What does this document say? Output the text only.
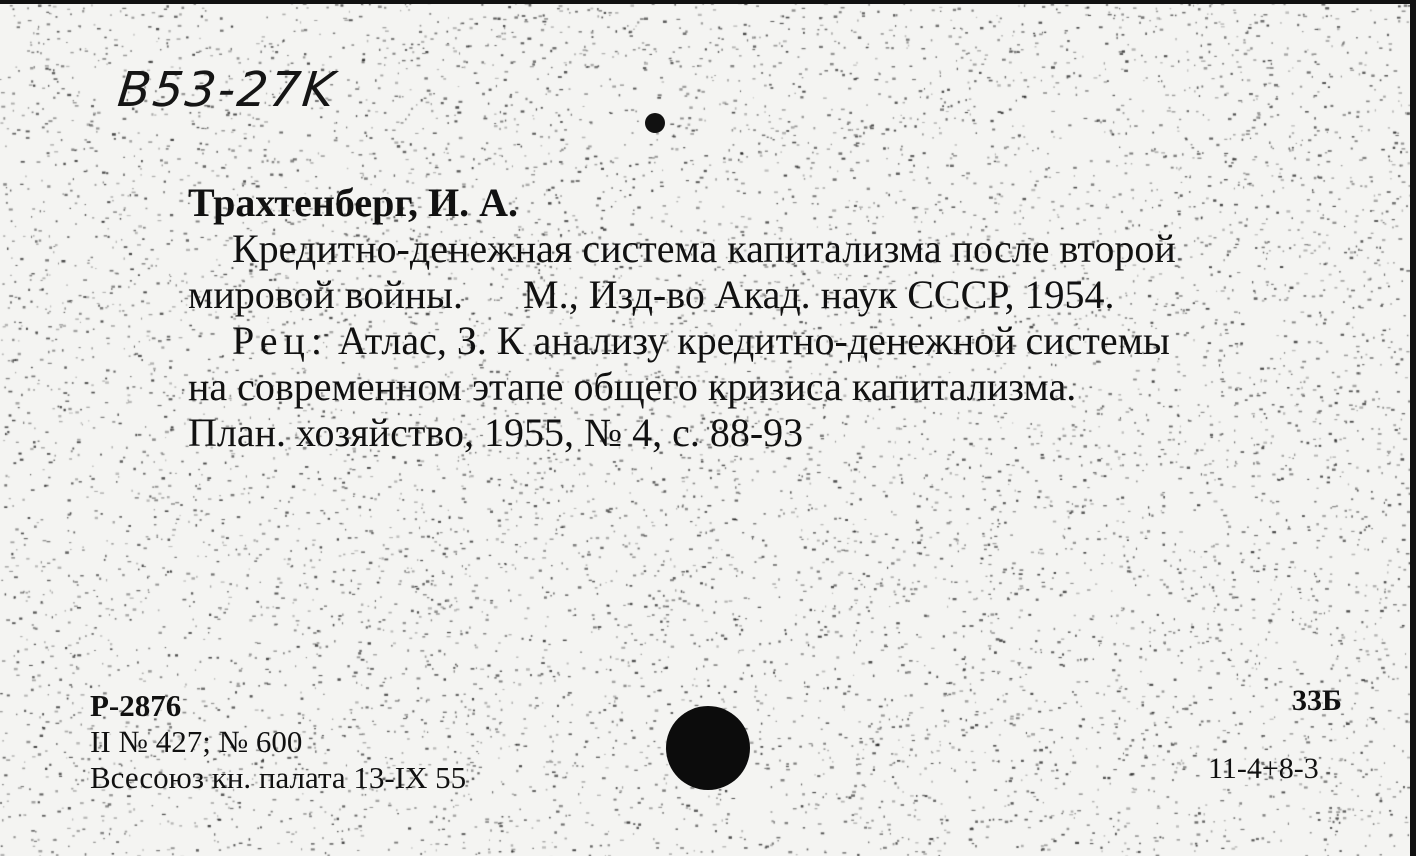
B53-27K
Трахтенберг, И. А.
Кредитно-денежная система капитализма после второй
мировой войны.      М., Изд-во Акад. наук СССР, 1954.
Рец: Атлас, З. К анализу кредитно-денежной системы
на современном этапе общего кризиса капитализма.
План. хозяйство, 1955, № 4, с. 88-93
Р-2876
II № 427; № 600
Всесоюз кн. палата 13-IX 55
33Б
11-4+8-3
